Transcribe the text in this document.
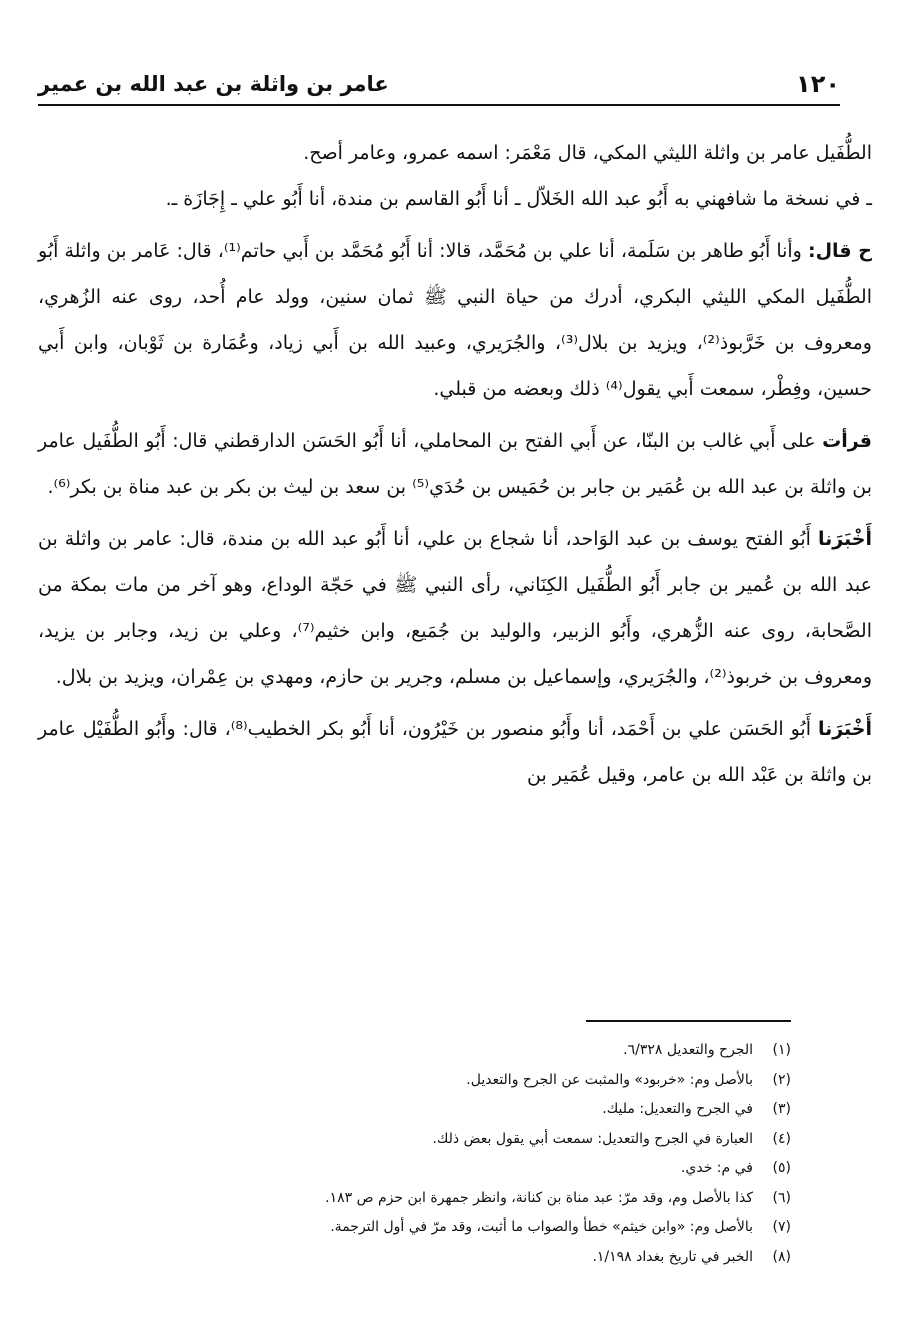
١٢٠
عامر بن واثلة بن عبد الله بن عمير

الطُّفَيل عامر بن واثلة الليثي المكي، قال مَعْمَر: اسمه عمرو، وعامر أصح.

ـ في نسخة ما شافهني به أَبُو عبد الله الخَلاّل ـ أنا أَبُو القاسم بن مندة، أنا أَبُو علي ـ إِجَازَة ـ.

ح قال: وأنا أَبُو طاهر بن سَلَمة، أنا علي بن مُحَمَّد، قالا: أنا أَبُو مُحَمَّد بن أَبي حاتم⁽¹⁾، قال: عَامر بن واثلة أَبُو الطُّفَيل المكي الليثي البكري، أدرك من حياة النبي ﷺ ثمان سنين، وولد عام أُحد، روى عنه الزُهري، ومعروف بن خَرَّبوذ⁽²⁾، ويزيد بن بلال⁽³⁾، والجُرَيري، وعبيد الله بن أَبي زياد، وعُمَارة بن ثَوْبان، وابن أَبي حسين، وفِطْر، سمعت أَبي يقول⁽⁴⁾ ذلك وبعضه من قبلي.

قرأت على أَبي غالب بن البنّا، عن أَبي الفتح بن المحاملي، أنا أَبُو الحَسَن الدارقطني قال: أَبُو الطُّفَيل عامر بن واثلة بن عبد الله بن عُمَير بن جابر بن حُمَيس بن حُدَي⁽⁵⁾ بن سعد بن ليث بن بكر بن عبد مناة بن بكر⁽⁶⁾.

أَخْبَرَنا أَبُو الفتح يوسف بن عبد الوَاحد، أنا شجاع بن علي، أنا أَبُو عبد الله بن مندة، قال: عامر بن واثلة بن عبد الله بن عُمير بن جابر أَبُو الطُّفَيل الكِنَاني، رأى النبي ﷺ في حَجّة الوداع، وهو آخر من مات بمكة من الصَّحابة، روى عنه الزُّهري، وأَبُو الزبير، والوليد بن جُمَيع، وابن خثيم⁽⁷⁾، وعلي بن زيد، وجابر بن يزيد، ومعروف بن خربوذ⁽²⁾، والجُرَيري، وإسماعيل بن مسلم، وجرير بن حازم، ومهدي بن عِمْران، ويزيد بن بلال.

أَخْبَرَنا أَبُو الحَسَن علي بن أَحْمَد، أنا وأَبُو منصور بن خَيْرُون، أنا أَبُو بكر الخطيب⁽⁸⁾، قال: وأَبُو الطُّفَيْل عامر بن واثلة بن عَبْد الله بن عامر، وقيل عُمَير بن

(١)
الجرح والتعديل ٦/٣٢٨.
(٢)
بالأصل وم: «خربود» والمثبت عن الجرح والتعديل.
(٣)
في الجرح والتعديل: مليك.
(٤)
العبارة في الجرح والتعديل: سمعت أبي يقول بعض ذلك.
(٥)
في م: خدي.
(٦)
كذا بالأصل وم، وقد مرّ: عبد مناة بن كنانة، وانظر جمهرة ابن حزم ص ١٨٣.
(٧)
بالأصل وم: «وابن خيثم» خطأ والصواب ما أثبت، وقد مرّ في أول الترجمة.
(٨)
الخبر في تاريخ بغداد ١/١٩٨.
